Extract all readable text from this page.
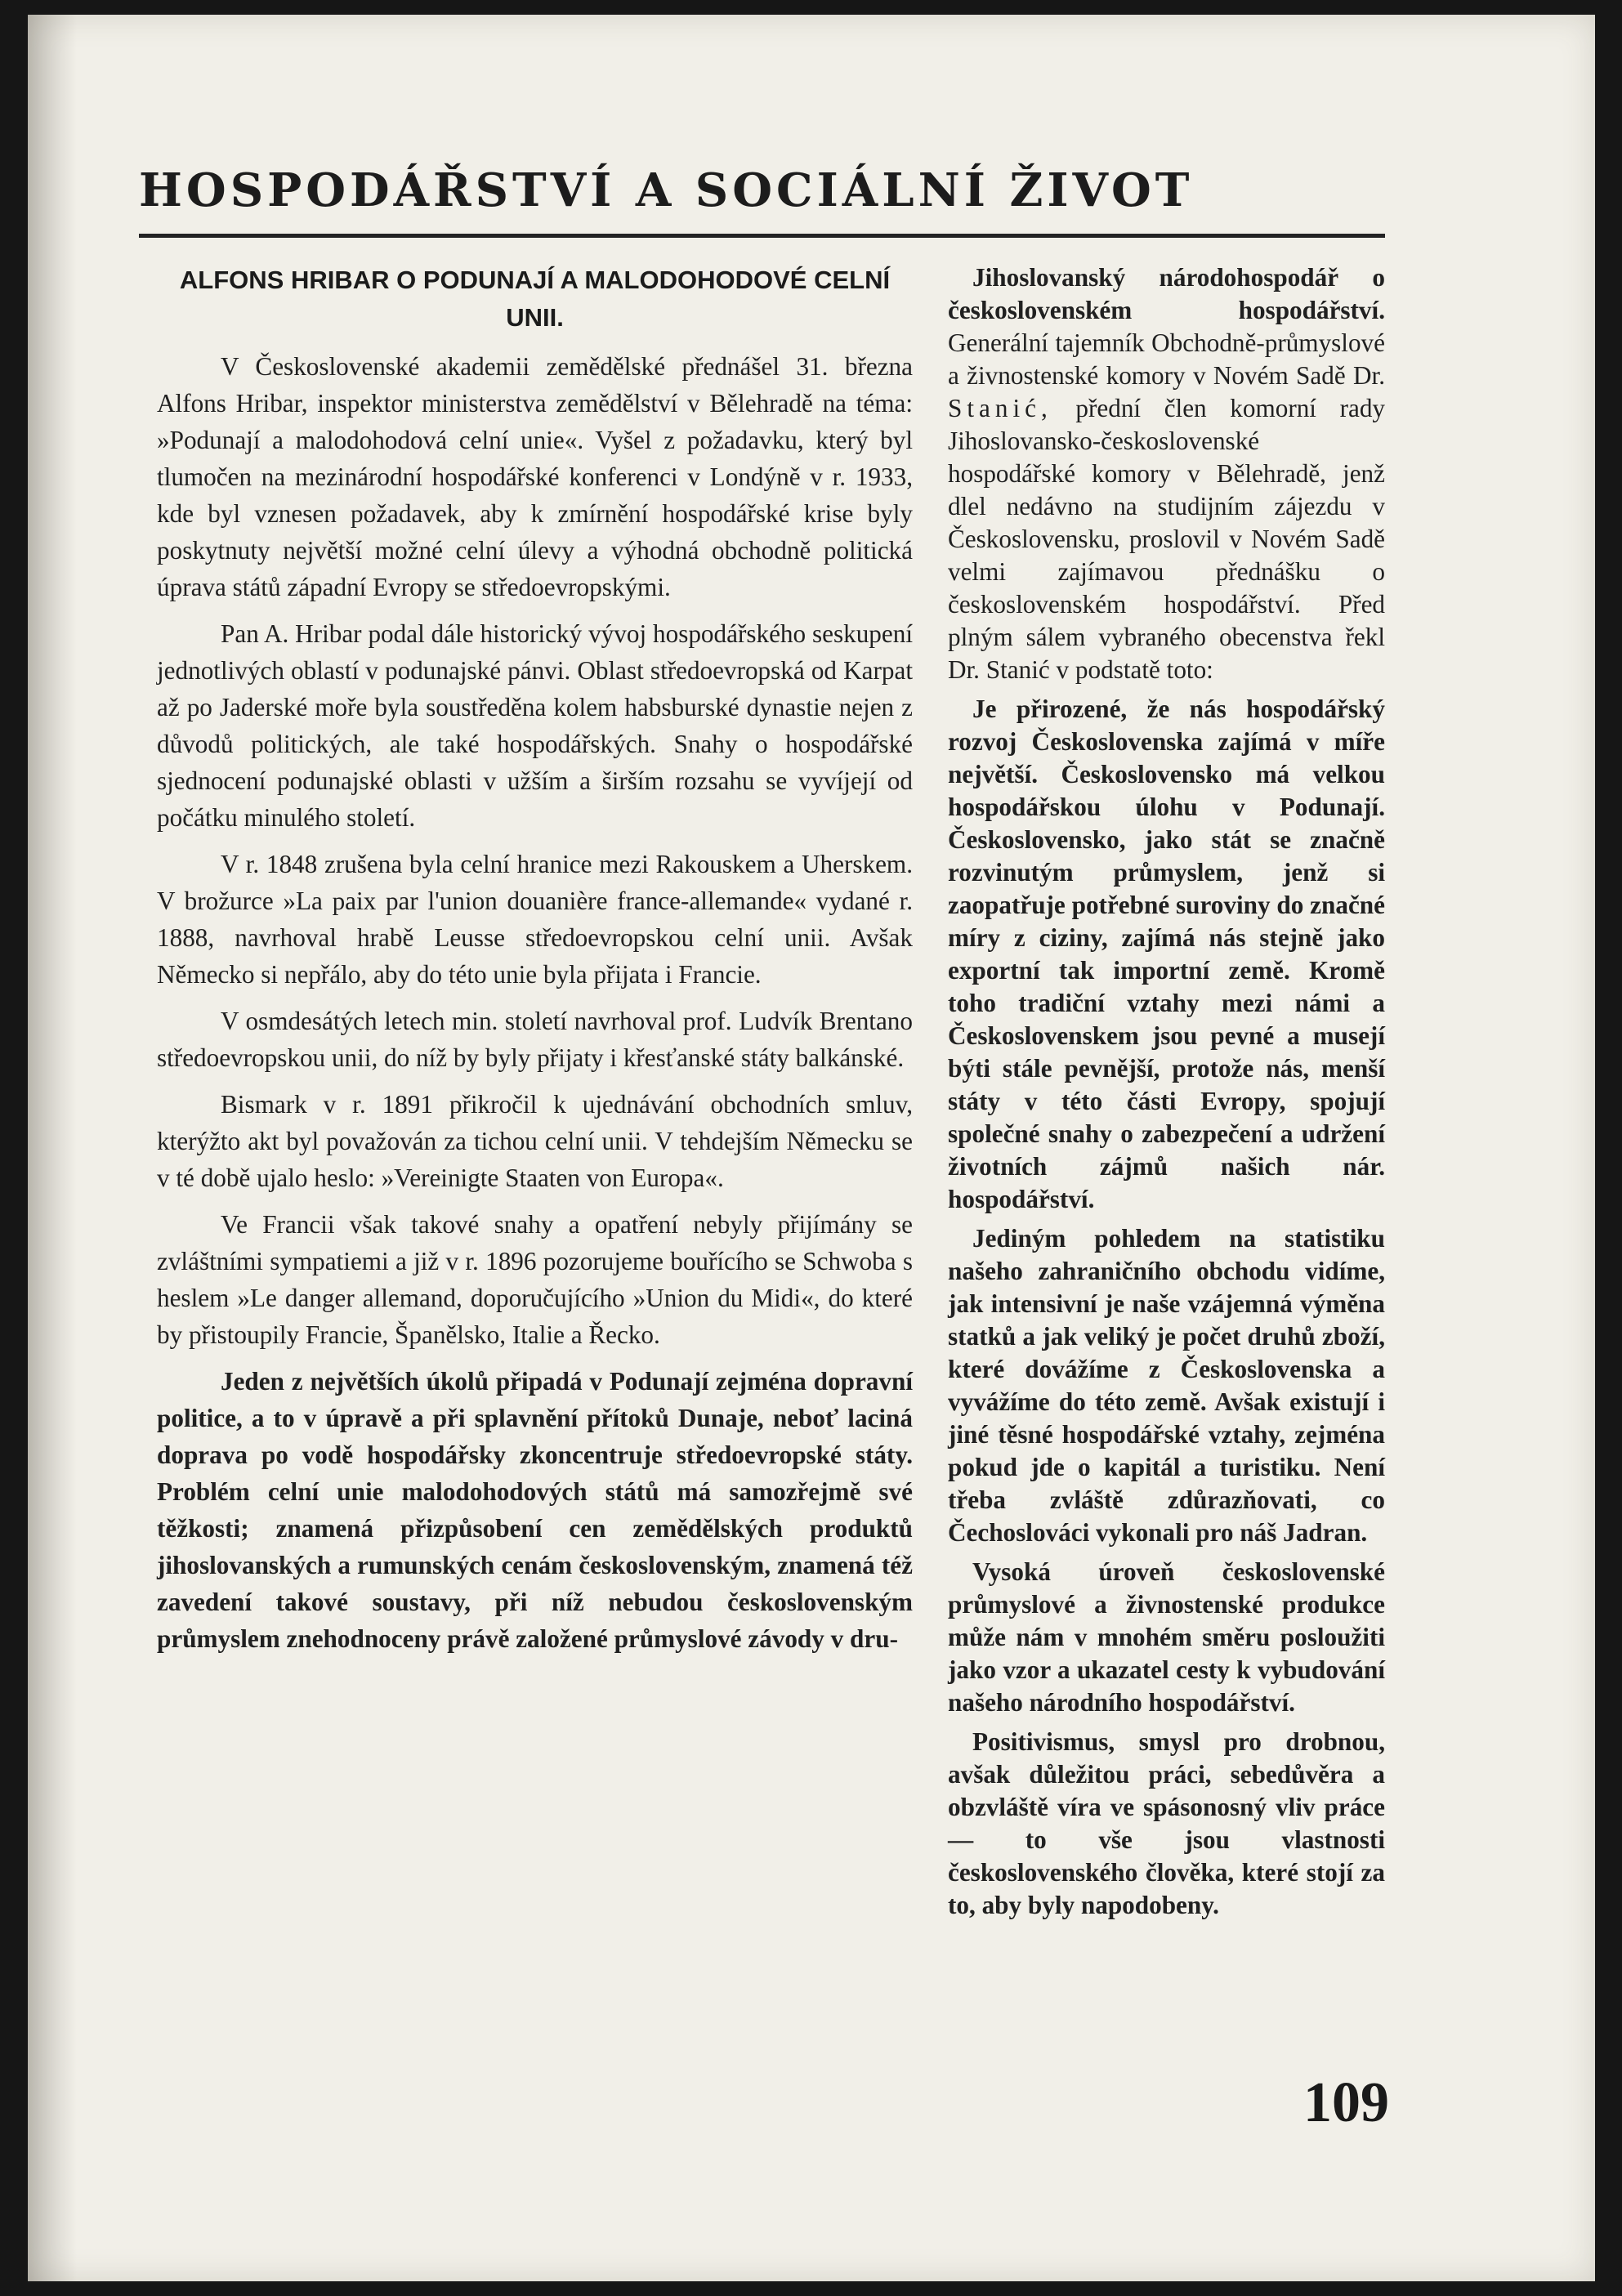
HOSPODÁŘSTVÍ A SOCIÁLNÍ ŽIVOT
ALFONS HRIBAR O PODUNAJÍ A MALODOHODOVÉ CELNÍ UNII.

V Československé akademii zemědělské přednášel 31. března Alfons Hribar, inspektor ministerstva zemědělství v Bělehradě na téma: »Podunají a malodohodová celní unie«. Vyšel z požadavku, který byl tlumočen na mezinárodní hospodářské konferenci v Londýně v r. 1933, kde byl vznesen požadavek, aby k zmírnění hospodářské krise byly poskytnuty největší možné celní úlevy a výhodná obchodně politická úprava států západní Evropy se středoevropskými.

Pan A. Hribar podal dále historický vývoj hospodářského seskupení jednotlivých oblastí v podunajské pánvi. Oblast středoevropská od Karpat až po Jaderské moře byla soustředěna kolem habsburské dynastie nejen z důvodů politických, ale také hospodářských. Snahy o hospodářské sjednocení podunajské oblasti v užším a širším rozsahu se vyvíjejí od počátku minulého století.

V r. 1848 zrušena byla celní hranice mezi Rakouskem a Uherskem. V brožurce »La paix par l'union douanière france-allemande« vydané r. 1888, navrhoval hrabě Leusse středoevropskou celní unii. Avšak Německo si nepřálo, aby do této unie byla přijata i Francie.

V osmdesátých letech min. století navrhoval prof. Ludvík Brentano středoevropskou unii, do níž by byly přijaty i křesťanské státy balkánské.

Bismark v r. 1891 přikročil k ujednávání obchodních smluv, kterýžto akt byl považován za tichou celní unii. V tehdejším Německu se v té době ujalo heslo: »Vereinigte Staaten von Europa«.

Ve Francii však takové snahy a opatření nebyly přijímány se zvláštními sympatiemi a již v r. 1896 pozorujeme bouřícího se Schwoba s heslem »Le danger allemand, doporučujícího »Union du Midi«, do které by přistoupily Francie, Španělsko, Italie a Řecko.

Jeden z největších úkolů připadá v Podunají zejména dopravní politice, a to v úpravě a při splavnění přítoků Dunaje, neboť laciná doprava po vodě hospodářsky zkoncentruje středoevropské státy. Problém celní unie malodohodových států má samozřejmě své těžkosti; znamená přizpůsobení cen zemědělských produktů jihoslovanských a rumunských cenám československým, znamená též zavedení takové soustavy, při níž nebudou československým průmyslem znehodnoceny právě založené průmyslové závody v dru-

Jihoslovanský národohospodář o československém hospodářství. Generální tajemník Obchodně-průmyslové a živnostenské komory v Novém Sadě Dr. Stanić, přední člen komorní rady Jihoslovansko-československé hospodářské komory v Bělehradě, jenž dlel nedávno na studijním zájezdu v Československu, proslovil v Novém Sadě velmi zajímavou přednášku o československém hospodářství. Před plným sálem vybraného obecenstva řekl Dr. Stanić v podstatě toto:

Je přirozené, že nás hospodářský rozvoj Československa zajímá v míře největší. Československo má velkou hospodářskou úlohu v Podunají. Československo, jako stát se značně rozvinutým průmyslem, jenž si zaopatřuje potřebné suroviny do značné míry z ciziny, zajímá nás stejně jako exportní tak importní země. Kromě toho tradiční vztahy mezi námi a Československem jsou pevné a musejí býti stále pevnější, protože nás, menší státy v této části Evropy, spojují společné snahy o zabezpečení a udržení životních zájmů našich nár. hospodářství.

Jediným pohledem na statistiku našeho zahraničního obchodu vidíme, jak intensivní je naše vzájemná výměna statků a jak veliký je počet druhů zboží, které dovážíme z Československa a vyvážíme do této země. Avšak existují i jiné těsné hospodářské vztahy, zejména pokud jde o kapitál a turistiku. Není třeba zvláště zdůrazňovati, co Čechoslováci vykonali pro náš Jadran.

Vysoká úroveň československé průmyslové a živnostenské produkce může nám v mnohém směru posloužiti jako vzor a ukazatel cesty k vybudování našeho národního hospodářství.

Positivismus, smysl pro drobnou, avšak důležitou práci, sebedůvěra a obzvláště víra ve spásonosný vliv práce — to vše jsou vlastnosti československého člověka, které stojí za to, aby byly napodobeny.

109
